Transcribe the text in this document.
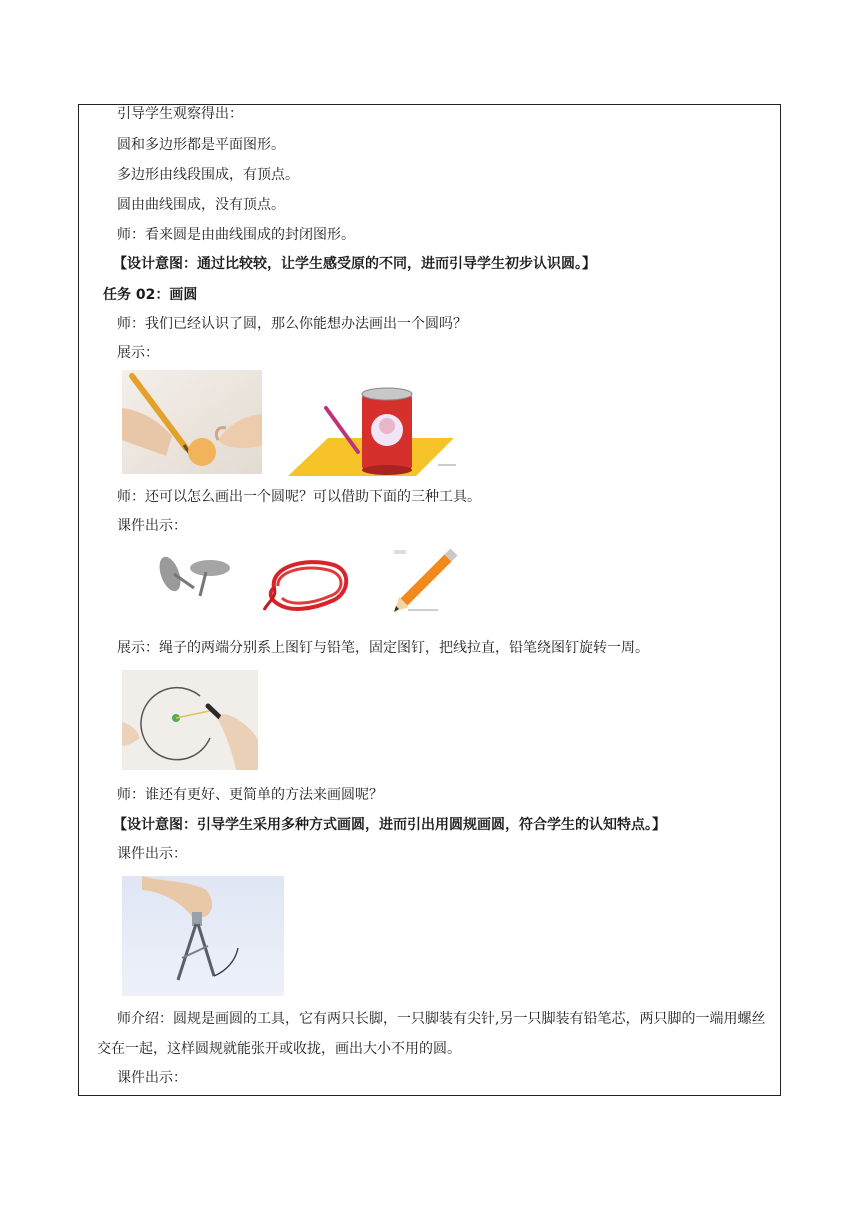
引导学生观察得出：
圆和多边形都是平面图形。
多边形由线段围成，有顶点。
圆由曲线围成，没有顶点。
师：看来圆是由曲线围成的封闭图形。
【设计意图：通过比较较，让学生感受原的不同，进而引导学生初步认识圆。】
任务 02：画圆
师：我们已经认识了圆，那么你能想办法画出一个圆吗？
展示：
师：还可以怎么画出一个圆呢？可以借助下面的三种工具。
课件出示：
展示：绳子的两端分别系上图钉与铅笔，固定图钉，把线拉直，铅笔绕图钉旋转一周。
师：谁还有更好、更简单的方法来画圆呢？
【设计意图：引导学生采用多种方式画圆，进而引出用圆规画圆，符合学生的认知特点。】
课件出示：
师介绍：圆规是画圆的工具，它有两只长脚，一只脚装有尖针,另一只脚装有铅笔芯，两只脚的一端用螺丝交在一起，这样圆规就能张开或收拢，画出大小不用的圆。
课件出示：
